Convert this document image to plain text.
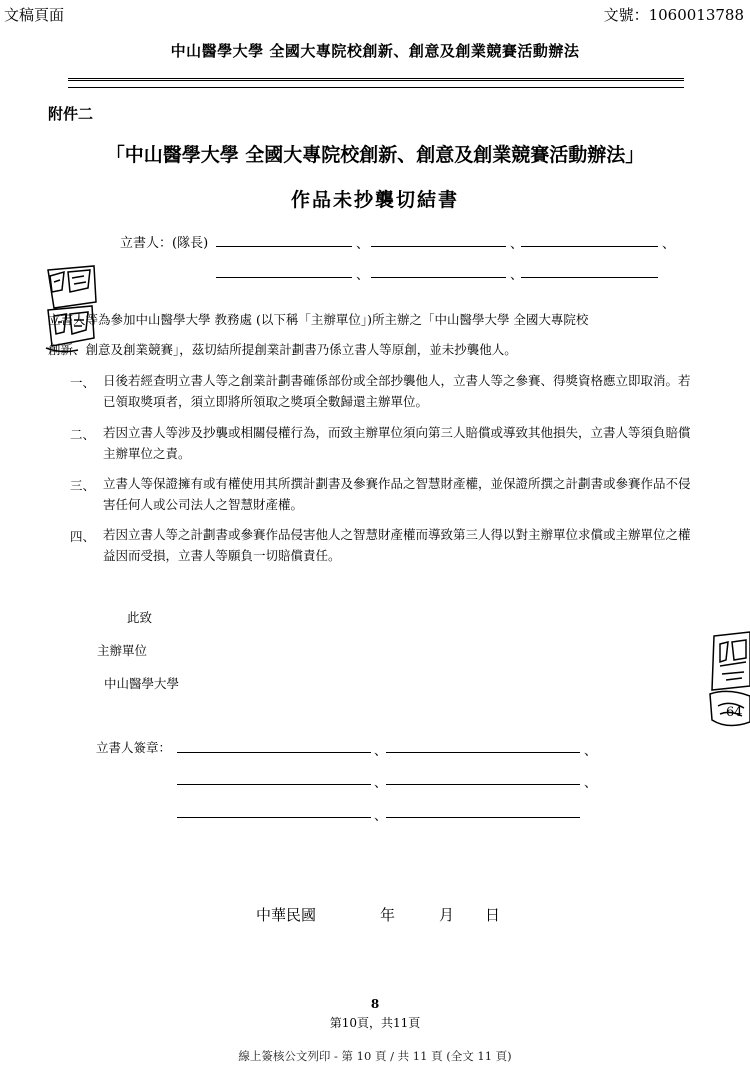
文稿頁面	文號：1060013788
中山醫學大學 全國大專院校創新、創意及創業競賽活動辦法
附件二
「中山醫學大學 全國大專院校創新、創意及創業競賽活動辦法」
作品未抄襲切結書
立書人：(隊長)	、	、	、
、	、
立書人等為參加中山醫學大學 教務處 (以下稱「主辦單位」)所主辦之「中山醫學大學 全國大專院校
創新、創意及創業競賽」，茲切結所提創業計劃書乃係立書人等原創，並未抄襲他人。
一、 日後若經查明立書人等之創業計劃書確係部份或全部抄襲他人，立書人等之參賽、得獎資格應立即取消。若已領取獎項者，須立即將所領取之獎項全數歸還主辦單位。
二、 若因立書人等涉及抄襲或相關侵權行為，而致主辦單位須向第三人賠償或導致其他損失，立書人等須負賠償主辦單位之責。
三、 立書人等保證擁有或有權使用其所撰計劃書及參賽作品之智慧財產權，並保證所撰之計劃書或參賽作品不侵害任何人或公司法人之智慧財產權。
四、 若因立書人等之計劃書或參賽作品侵害他人之智慧財產權而導致第三人得以對主辦單位求償或主辦單位之權益因而受損，立書人等願負一切賠償責任。
此致
主辦單位
中山醫學大學
64
立書人簽章：	、	、
、	、
、
中華民國	年	月 日
8
第10頁，共11頁
線上簽核公文列印 - 第 10 頁 / 共 11 頁 (全文 11 頁)
